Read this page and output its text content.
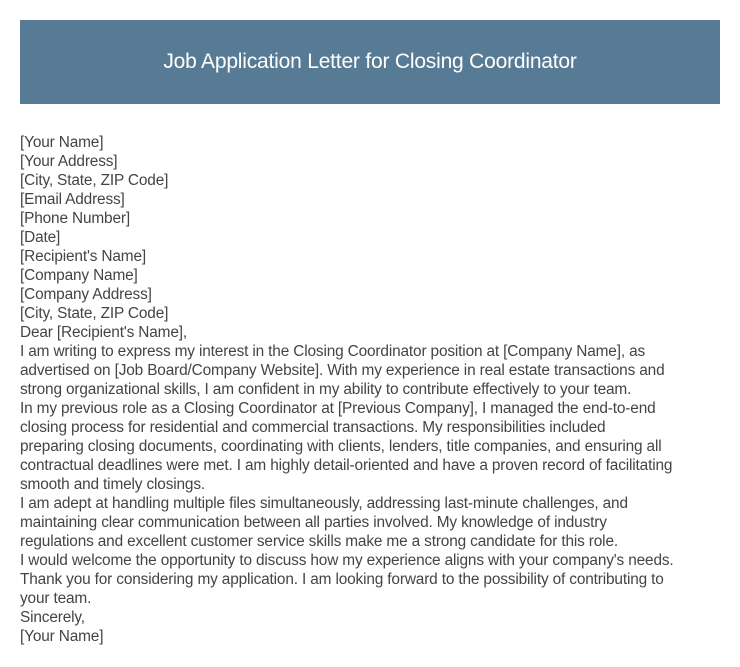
Job Application Letter for Closing Coordinator
[Your Name]
[Your Address]
[City, State, ZIP Code]
[Email Address]
[Phone Number]
[Date]
[Recipient's Name]
[Company Name]
[Company Address]
[City, State, ZIP Code]
Dear [Recipient's Name],
I am writing to express my interest in the Closing Coordinator position at [Company Name], as
advertised on [Job Board/Company Website]. With my experience in real estate transactions and
strong organizational skills, I am confident in my ability to contribute effectively to your team.
In my previous role as a Closing Coordinator at [Previous Company], I managed the end-to-end
closing process for residential and commercial transactions. My responsibilities included
preparing closing documents, coordinating with clients, lenders, title companies, and ensuring all
contractual deadlines were met. I am highly detail-oriented and have a proven record of facilitating
smooth and timely closings.
I am adept at handling multiple files simultaneously, addressing last-minute challenges, and
maintaining clear communication between all parties involved. My knowledge of industry
regulations and excellent customer service skills make me a strong candidate for this role.
I would welcome the opportunity to discuss how my experience aligns with your company's needs.
Thank you for considering my application. I am looking forward to the possibility of contributing to
your team.
Sincerely,
[Your Name]
